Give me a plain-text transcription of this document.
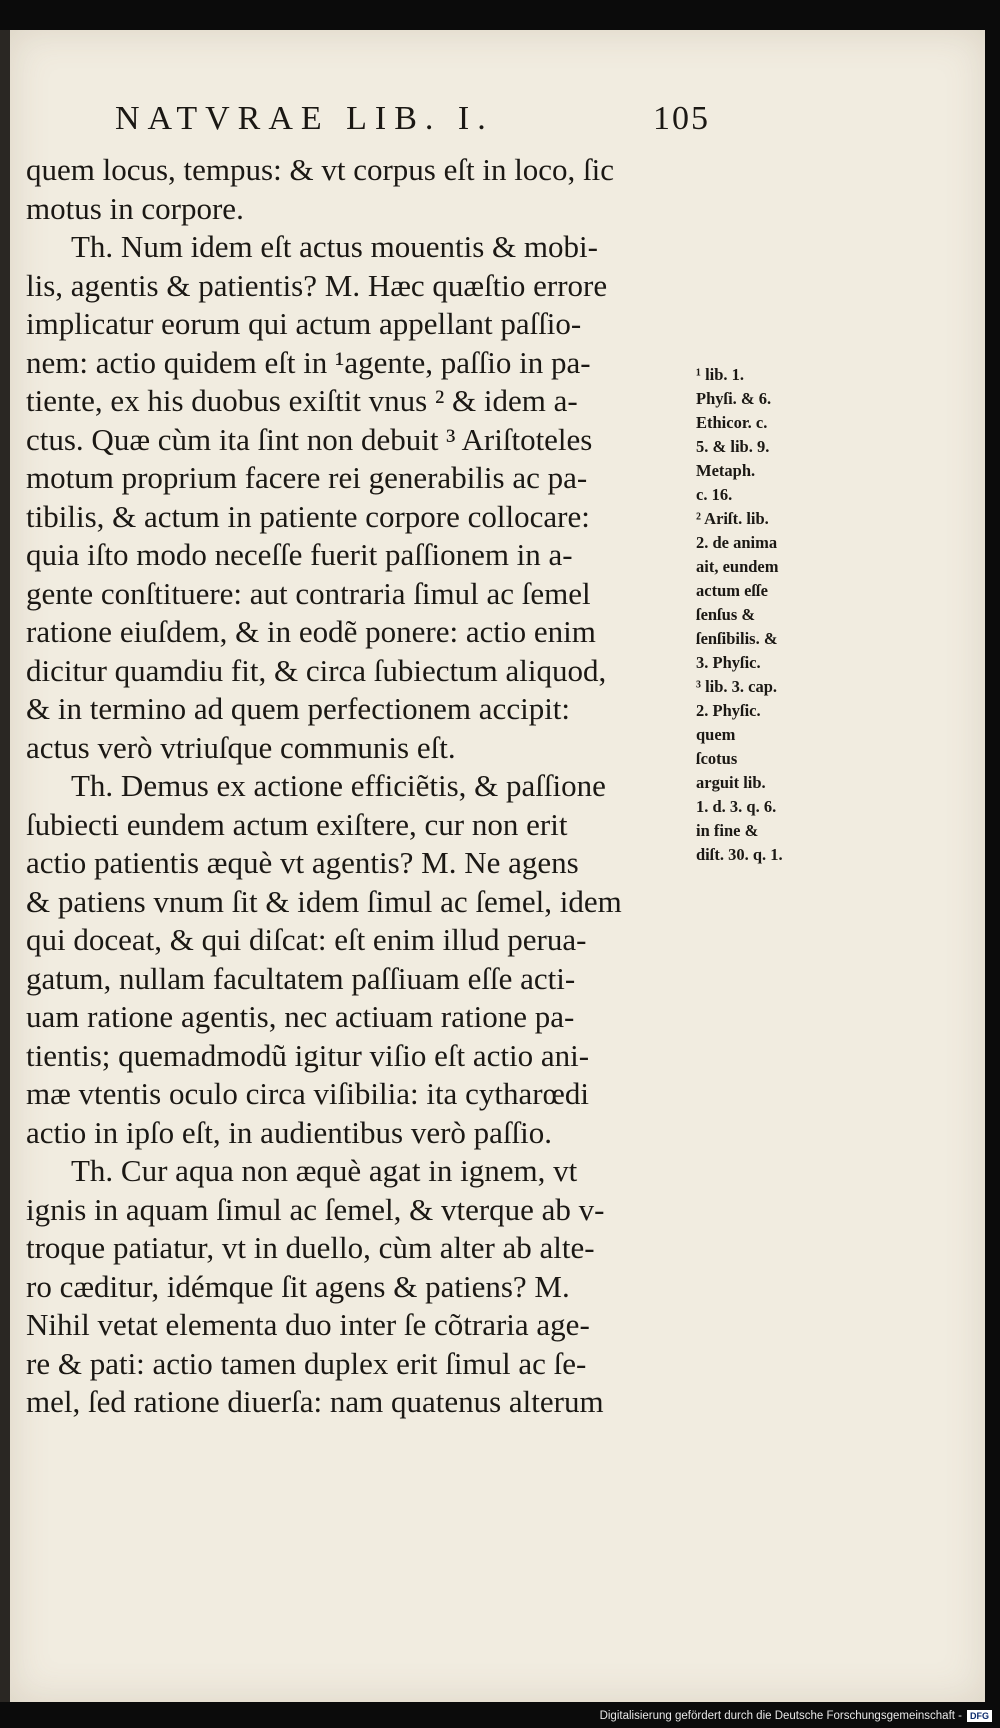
NATVRAE LIB. I.	105
quem locus, tempus: & vt corpus eſt in loco, ſic
motus in corpore.
Th. Num idem eſt actus mouentis & mobi-
lis, agentis & patientis? M. Hæc quæſtio errore
implicatur eorum qui actum appellant paſſio-
nem: actio quidem eſt in ¹agente, paſſio in pa-
tiente, ex his duobus exiſtit vnus ² & idem a-
ctus. Quæ cùm ita ſint non debuit ³ Ariſtoteles
motum proprium facere rei generabilis ac pa-
tibilis, & actum in patiente corpore collocare:
quia iſto modo neceſſe fuerit paſſionem in a-
gente conſtituere: aut contraria ſimul ac ſemel
ratione eiuſdem, & in eodẽ ponere: actio enim
dicitur quamdiu fit, & circa ſubiectum aliquod,
& in termino ad quem perfectionem accipit:
actus verò vtriuſque communis eſt.
Th. Demus ex actione efficiẽtis, & paſſione
ſubiecti eundem actum exiſtere, cur non erit
actio patientis æquè vt agentis? M. Ne agens
& patiens vnum ſit & idem ſimul ac ſemel, idem
qui doceat, & qui diſcat: eſt enim illud perua-
gatum, nullam facultatem paſſiuam eſſe acti-
uam ratione agentis, nec actiuam ratione pa-
tientis; quemadmodũ igitur viſio eſt actio ani-
mæ vtentis oculo circa viſibilia: ita cytharœdi
actio in ipſo eſt, in audientibus verò paſſio.
Th. Cur aqua non æquè agat in ignem, vt
ignis in aquam ſimul ac ſemel, & vterque ab v-
troque patiatur, vt in duello, cùm alter ab alte-
ro cæditur, idémque ſit agens & patiens? M.
Nihil vetat elementa duo inter ſe cõtraria age-
re & pati: actio tamen duplex erit ſimul ac ſe-
mel, ſed ratione diuerſa: nam quatenus alterum
¹ lib. 1.
Phyſi. & 6.
Ethicor. c.
5. & lib. 9.
Metaph.
c. 16.
² Ariſt. lib.
2. de anima
ait, eundem
actum eſſe
ſenſus &
ſenſibilis. &
3. Phyſic.
³ lib. 3. cap.
2. Phyſic.
quem
ſcotus
arguit lib.
1. d. 3. q. 6.
in fine &
diſt. 30. q. 1.
Digitalisierung gefördert durch die Deutsche Forschungsgemeinschaft - DFG
